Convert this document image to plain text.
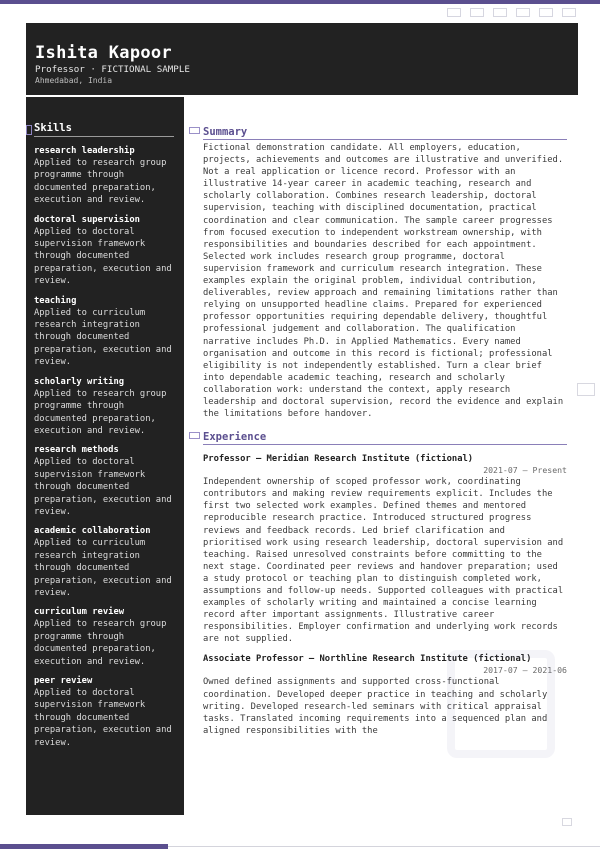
Ishita Kapoor
Professor · FICTIONAL SAMPLE
Ahmedabad, India
Skills
research leadership
Applied to research group programme through documented preparation, execution and review.
doctoral supervision
Applied to doctoral supervision framework through documented preparation, execution and review.
teaching
Applied to curriculum research integration through documented preparation, execution and review.
scholarly writing
Applied to research group programme through documented preparation, execution and review.
research methods
Applied to doctoral supervision framework through documented preparation, execution and review.
academic collaboration
Applied to curriculum research integration through documented preparation, execution and review.
curriculum review
Applied to research group programme through documented preparation, execution and review.
peer review
Applied to doctoral supervision framework through documented preparation, execution and review.
Summary

Fictional demonstration candidate. All employers, education, projects, achievements and outcomes are illustrative and unverified. Not a real application or licence record. Professor with an illustrative 14-year career in academic teaching, research and scholarly collaboration. Combines research leadership, doctoral supervision, teaching with disciplined documentation, practical coordination and clear communication. The sample career progresses from focused execution to independent workstream ownership, with responsibilities and boundaries described for each appointment. Selected work includes research group programme, doctoral supervision framework and curriculum research integration. These examples explain the original problem, individual contribution, deliverables, review approach and remaining limitations rather than relying on unsupported headline claims. Prepared for experienced professor opportunities requiring dependable delivery, thoughtful professional judgement and collaboration. The qualification narrative includes Ph.D. in Applied Mathematics. Every named organisation and outcome in this record is fictional; professional eligibility is not independently established. Turn a clear brief into dependable academic teaching, research and scholarly collaboration work: understand the context, apply research leadership and doctoral supervision, record the evidence and explain the limitations before handover.

Experience
Professor — Meridian Research Institute (fictional)
2021-07 – Present

Independent ownership of scoped professor work, coordinating contributors and making review requirements explicit. Includes the first two selected work examples. Defined themes and mentored reproducible research practice. Introduced structured progress reviews and feedback records. Led brief clarification and prioritised work using research leadership, doctoral supervision and teaching. Raised unresolved constraints before committing to the next stage. Coordinated peer reviews and handover preparation; used a study protocol or teaching plan to distinguish completed work, assumptions and follow-up needs. Supported colleagues with practical examples of scholarly writing and maintained a concise learning record after important assignments. Illustrative career responsibilities. Employer confirmation and underlying work records are not supplied.

Associate Professor — Northline Research Institute (fictional)
2017-07 – 2021-06

Owned defined assignments and supported cross-functional coordination. Developed deeper practice in teaching and scholarly writing. Developed research-led seminars with critical appraisal tasks. Translated incoming requirements into a sequenced plan and aligned responsibilities with the
